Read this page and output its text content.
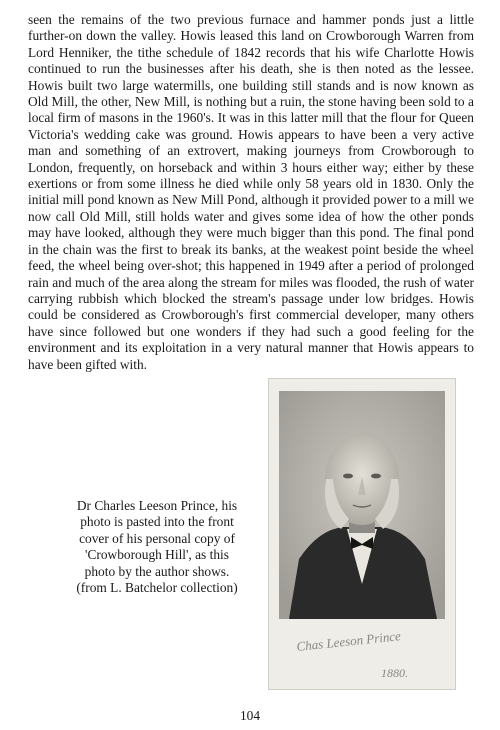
seen the remains of the two previous furnace and hammer ponds just a little further-on down the valley. Howis leased this land on Crowborough Warren from Lord Henniker, the tithe schedule of 1842 records that his wife Charlotte Howis continued to run the businesses after his death, she is then noted as the lessee. Howis built two large watermills, one building still stands and is now known as Old Mill, the other, New Mill, is nothing but a ruin, the stone having been sold to a local firm of masons in the 1960's. It was in this latter mill that the flour for Queen Victoria's wedding cake was ground. Howis appears to have been a very active man and something of an extrovert, making journeys from Crowborough to London, frequently, on horseback and within 3 hours either way; either by these exertions or from some illness he died while only 58 years old in 1830. Only the initial mill pond known as New Mill Pond, although it provided power to a mill we now call Old Mill, still holds water and gives some idea of how the other ponds may have looked, although they were much bigger than this pond. The final pond in the chain was the first to break its banks, at the weakest point beside the wheel feed, the wheel being over-shot; this happened in 1949 after a period of prolonged rain and much of the area along the stream for miles was flooded, the rush of water carrying rubbish which blocked the stream's passage under low bridges. Howis could be considered as Crowborough's first commercial developer, many others have since followed but one wonders if they had such a good feeling for the environment and its exploitation in a very natural manner that Howis appears to have been gifted with.

Chas Leeson Prince
1880.
Dr Charles Leeson Prince, his
photo is pasted into the front
cover of his personal copy of
'Crowborough Hill', as this
photo by the author shows.
(from L. Batchelor collection)

104
